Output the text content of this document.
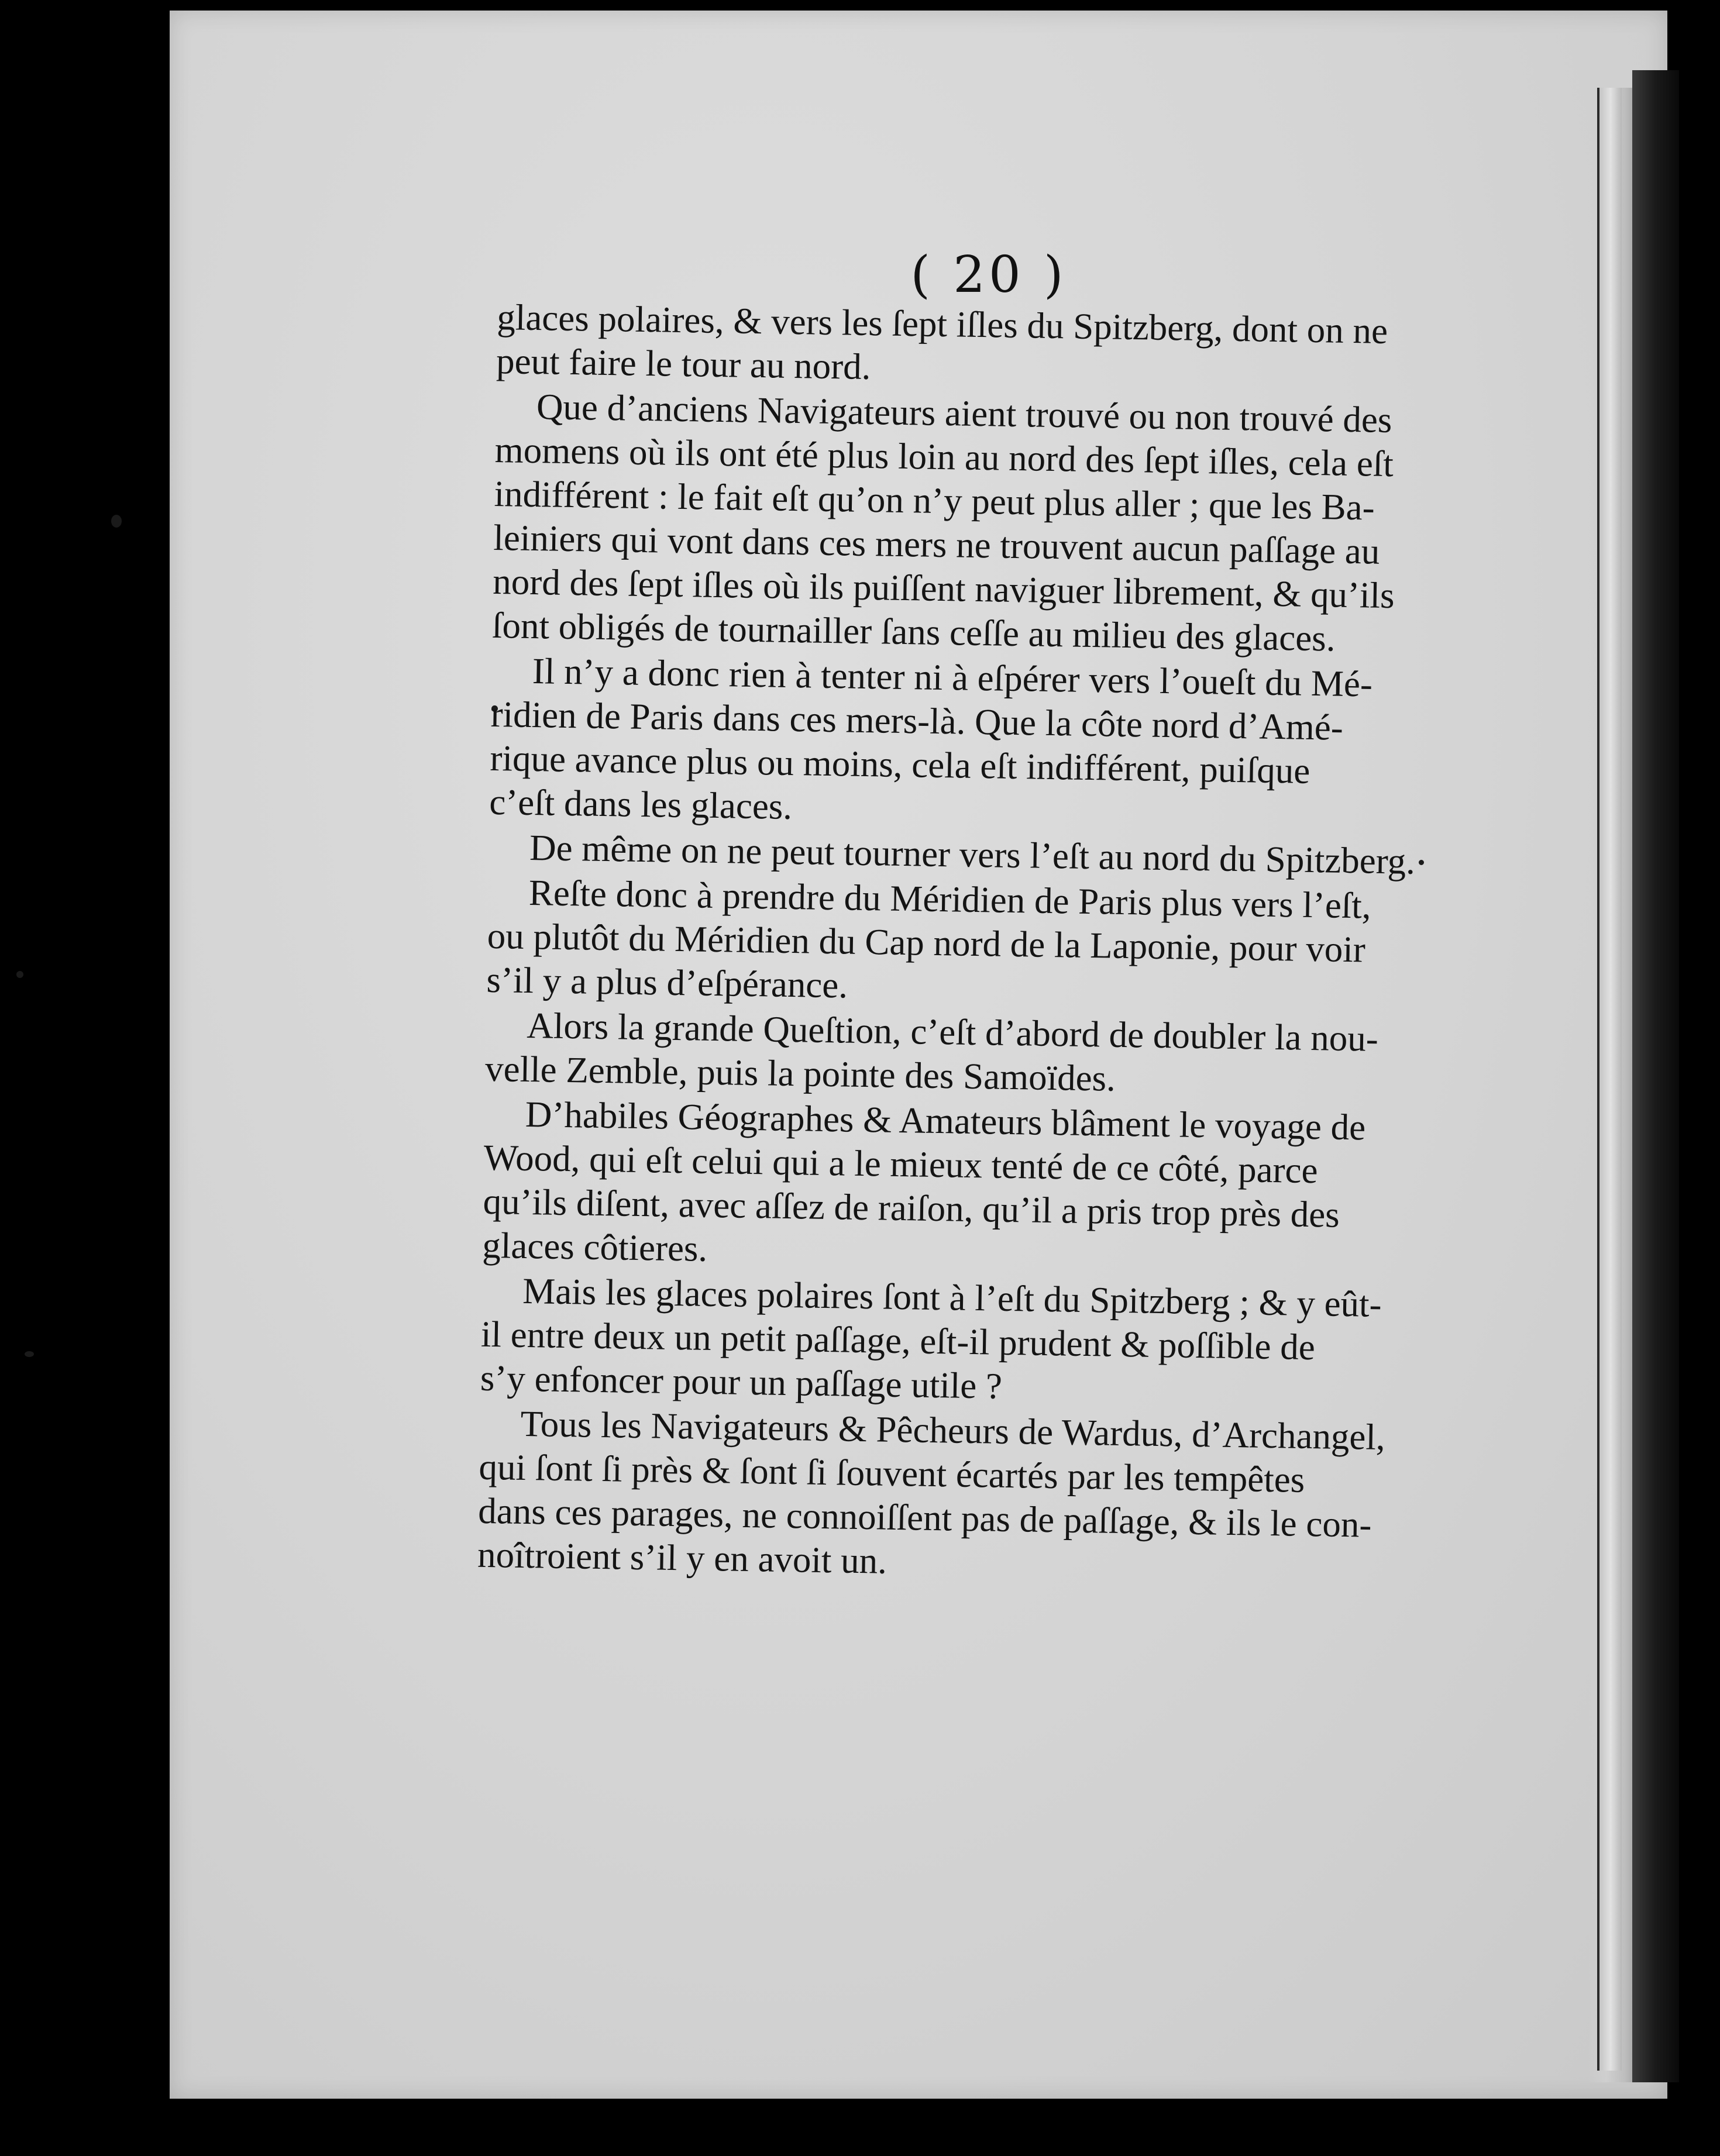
( 20 )

glaces polaires, & vers les ſept iſles du Spitzberg, dont on ne
peut faire le tour au nord.

Que d’anciens Navigateurs aient trouvé ou non trouvé des
momens où ils ont été plus loin au nord des ſept iſles, cela eſt
indifférent : le fait eſt qu’on n’y peut plus aller ; que les Ba-
leiniers qui vont dans ces mers ne trouvent aucun paſſage au
nord des ſept iſles où ils puiſſent naviguer librement, & qu’ils
ſont obligés de tournailler ſans ceſſe au milieu des glaces.

Il n’y a donc rien à tenter ni à eſpérer vers l’oueſt du Mé-
ridien de Paris dans ces mers-là. Que la côte nord d’Amé-
rique avance plus ou moins, cela eſt indifférent, puiſque
c’eſt dans les glaces.

De même on ne peut tourner vers l’eſt au nord du Spitzberg.

Reſte donc à prendre du Méridien de Paris plus vers l’eſt,
ou plutôt du Méridien du Cap nord de la Laponie, pour voir
s’il y a plus d’eſpérance.

Alors la grande Queſtion, c’eſt d’abord de doubler la nou-
velle Zemble, puis la pointe des Samoïdes.

D’habiles Géographes & Amateurs blâment le voyage de
Wood, qui eſt celui qui a le mieux tenté de ce côté, parce
qu’ils diſent, avec aſſez de raiſon, qu’il a pris trop près des
glaces côtieres.

Mais les glaces polaires ſont à l’eſt du Spitzberg ; & y eût-
il entre deux un petit paſſage, eſt-il prudent & poſſible de
s’y enfoncer pour un paſſage utile ?

Tous les Navigateurs & Pêcheurs de Wardus, d’Archangel,
qui ſont ſi près & ſont ſi ſouvent écartés par les tempêtes
dans ces parages, ne connoiſſent pas de paſſage, & ils le con-
noîtroient s’il y en avoit un.
